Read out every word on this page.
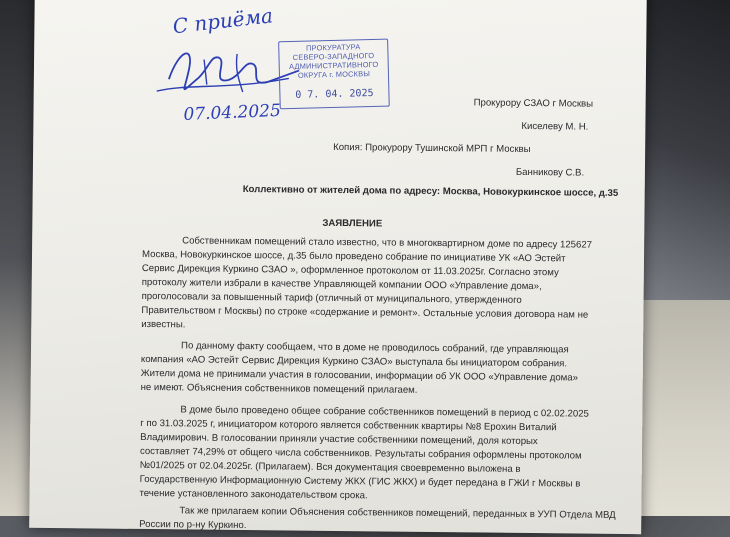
С приёма
07.04.2025
ПРОКУРАТУРА
СЕВЕРО-ЗАПАДНОГО
АДМИНИСТРАТИВНОГО
ОКРУГА г. МОСКВЫ
0 7. 04. 2025
Прокурору СЗАО г Москвы
Киселеву М. Н.
Копия: Прокурору Тушинской МРП г Москвы
Банникову С.В.
Коллективно от жителей дома по адресу: Москва, Новокуркинское шоссе, д.35
ЗАЯВЛЕНИЕ
Собственникам помещений стало известно, что в многоквартирном доме по адресу 125627
Москва, Новокуркинское шоссе, д.35 было проведено собрание по инициативе УК «АО Эстейт
Сервис Дирекция Куркино СЗАО », оформленное протоколом от 11.03.2025г. Согласно этому
протоколу жители избрали в качестве Управляющей компании ООО «Управление дома»,
проголосовали за повышенный тариф (отличный от муниципального, утвержденного
Правительством г Москвы) по строке «содержание и ремонт». Остальные условия договора нам не
известны.
По данному факту сообщаем, что в доме не проводилось собраний, где управляющая
компания «АО Эстейт Сервис Дирекция Куркино СЗАО» выступала бы инициатором собрания.
Жители дома не принимали участия в голосовании, информации об УК ООО «Управление дома»
не имеют. Объяснения собственников помещений прилагаем.
В доме было проведено общее собрание собственников помещений в период с 02.02.2025
г по 31.03.2025 г, инициатором которого является собственник квартиры №8 Ерохин Виталий
Владимирович. В голосовании приняли участие собственники помещений, доля которых
составляет 74,29% от общего числа собственников. Результаты собрания оформлены протоколом
№01/2025 от 02.04.2025г. (Прилагаем). Вся документация своевременно выложена в
Государственную Информационную Систему ЖКХ (ГИС ЖКХ) и будет передана в ГЖИ г Москвы в
течение установленного законодательством срока.
Так же прилагаем копии Объяснения собственников помещений, переданных в УУП Отдела МВД
России по р-ну Куркино.
